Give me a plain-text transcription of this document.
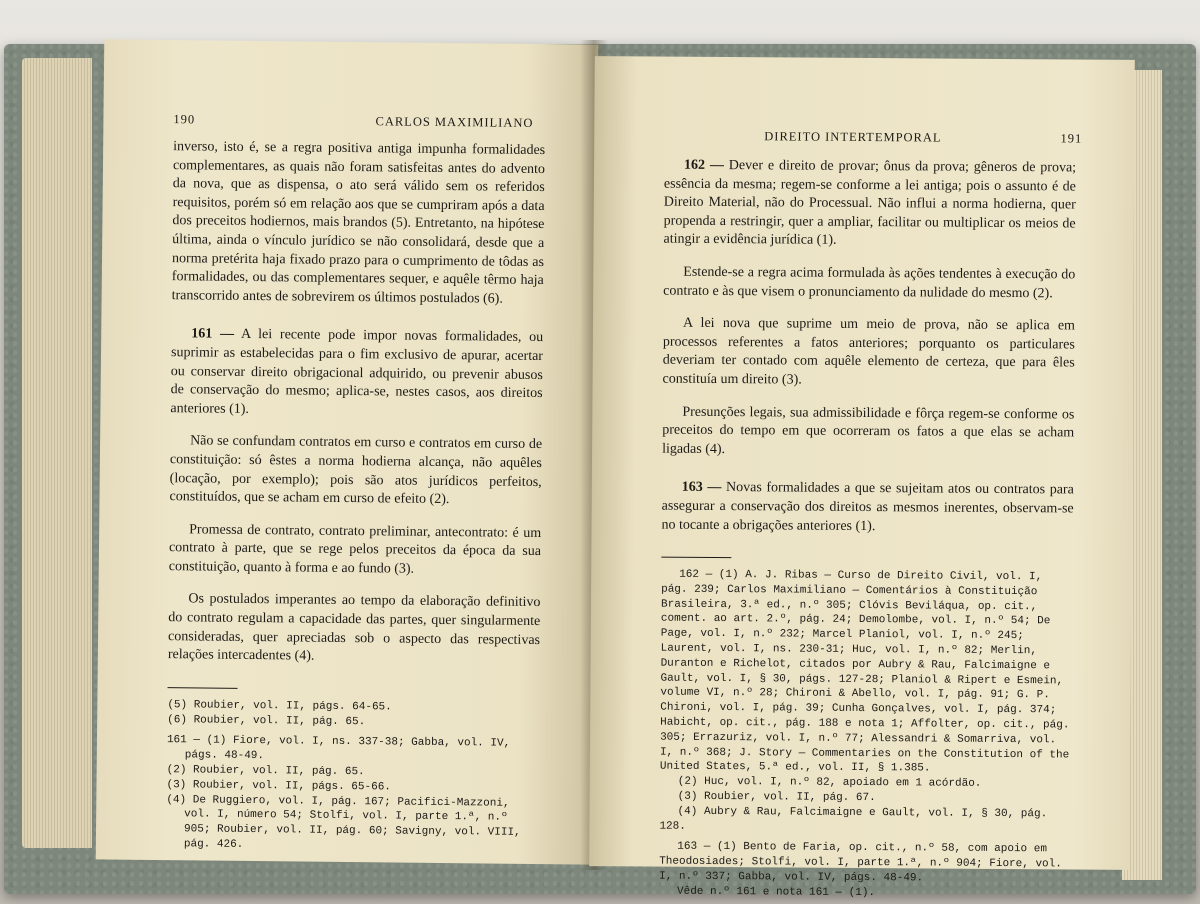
190	CARLOS MAXIMILIANO

inverso, isto é, se a regra positiva antiga impunha formalidades complementares, as quais não foram satisfeitas antes do advento da nova, que as dispensa, o ato será válido sem os referidos requisitos, porém só em relação aos que se cumpriram após a data dos preceitos hodiernos, mais brandos (5). Entretanto, na hipótese última, ainda o vínculo jurídico se não consolidará, desde que a norma pretérita haja fixado prazo para o cumprimento de tôdas as formalidades, ou das complementares sequer, e aquêle têrmo haja transcorrido antes de sobrevirem os últimos postulados (6).

161 — A lei recente pode impor novas formalidades, ou suprimir as estabelecidas para o fim exclusivo de apurar, acertar ou conservar direito obrigacional adquirido, ou prevenir abusos de conservação do mesmo; aplica-se, nestes casos, aos direitos anteriores (1).

Não se confundam contratos em curso e contratos em curso de constituição: só êstes a norma hodierna alcança, não aquêles (locação, por exemplo); pois são atos jurídicos perfeitos, constituídos, que se acham em curso de efeito (2).

Promessa de contrato, contrato preliminar, antecontrato: é um contrato à parte, que se rege pelos preceitos da época da sua constituição, quanto à forma e ao fundo (3).

Os postulados imperantes ao tempo da elaboração definitivo do contrato regulam a capacidade das partes, quer singularmente consideradas, quer apreciadas sob o aspecto das respectivas relações intercadentes (4).

(5) Roubier, vol. II, págs. 64-65.

(6) Roubier, vol. II, pág. 65.

161 — (1) Fiore, vol. I, ns. 337-38; Gabba, vol. IV, págs. 48-49.

(2) Roubier, vol. II, pág. 65.

(3) Roubier, vol. II, págs. 65-66.

(4) De Ruggiero, vol. I, pág. 167; Pacifici-Mazzoni, vol. I, número 54; Stolfi, vol. I, parte 1.ª, n.º 905; Roubier, vol. II, pág. 60; Savigny, vol. VIII, pág. 426.

DIREITO INTERTEMPORAL	191

162 — Dever e direito de provar; ônus da prova; gêneros de prova; essência da mesma; regem-se conforme a lei antiga; pois o assunto é de Direito Material, não do Processual. Não influi a norma hodierna, quer propenda a restringir, quer a ampliar, facilitar ou multiplicar os meios de atingir a evidência jurídica (1).

Estende-se a regra acima formulada às ações tendentes à execução do contrato e às que visem o pronunciamento da nulidade do mesmo (2).

A lei nova que suprime um meio de prova, não se aplica em processos referentes a fatos anteriores; porquanto os particulares deveriam ter contado com aquêle elemento de certeza, que para êles constituía um direito (3).

Presunções legais, sua admissibilidade e fôrça regem-se conforme os preceitos do tempo em que ocorreram os fatos a que elas se acham ligadas (4).

163 — Novas formalidades a que se sujeitam atos ou contratos para assegurar a conservação dos direitos as mesmos inerentes, observam-se no tocante a obrigações anteriores (1).

162 — (1) A. J. Ribas — Curso de Direito Civil, vol. I, pág. 239; Carlos Maximiliano — Comentários à Constituição Brasileira, 3.ª ed., n.º 305; Clóvis Beviláqua, op. cit., coment. ao art. 2.º, pág. 24; Demolombe, vol. I, n.º 54; De Page, vol. I, n.º 232; Marcel Planiol, vol. I, n.º 245; Laurent, vol. I, ns. 230-31; Huc, vol. I, n.º 82; Merlin, Duranton e Richelot, citados por Aubry & Rau, Falcimaigne e Gault, vol. I, § 30, págs. 127-28; Planiol & Ripert e Esmein, volume VI, n.º 28; Chironi & Abello, vol. I, pág. 91; G. P. Chironi, vol. I, pág. 39; Cunha Gonçalves, vol. I, pág. 374; Habicht, op. cit., pág. 188 e nota 1; Affolter, op. cit., pág. 305; Errazuriz, vol. I, n.º 77; Alessandri & Somarriva, vol. I, n.º 368; J. Story — Commentaries on the Constitution of the United States, 5.ª ed., vol. II, § 1.385.

(2) Huc, vol. I, n.º 82, apoiado em 1 acórdão.

(3) Roubier, vol. II, pág. 67.

(4) Aubry & Rau, Falcimaigne e Gault, vol. I, § 30, pág. 128.

163 — (1) Bento de Faria, op. cit., n.º 58, com apoio em Theodosiades; Stolfi, vol. I, parte 1.ª, n.º 904; Fiore, vol. I, n.º 337; Gabba, vol. IV, págs. 48-49.

Vêde n.º 161 e nota 161 — (1).
